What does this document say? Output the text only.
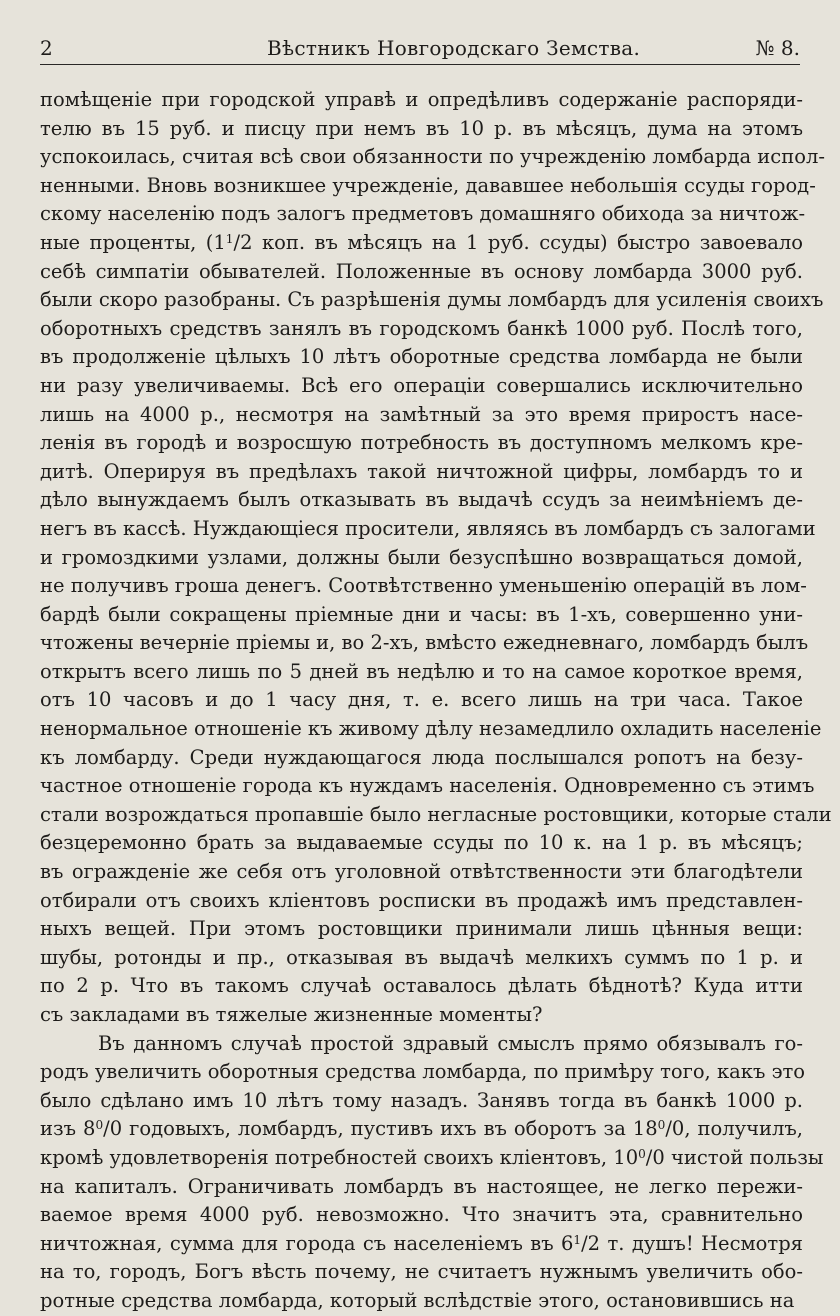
2	Вѣстникъ Новгородскаго Земства.	№ 8.
помѣщеніе при городской управѣ и опредѣливъ содержаніе распоряди-
телю въ 15 руб. и писцу при немъ въ 10 р. въ мѣсяцъ, дума на этомъ
успокоилась, считая всѣ свои обязанности по учрежденію ломбарда испол-
ненными. Вновь возникшее учрежденіе, дававшее небольшія ссуды город-
скому населенію подъ залогъ предметовъ домашняго обихода за ничтож-
ные проценты, ($1^1/2$ коп. въ мѣсяцъ на 1 руб. ссуды) быстро завоевало
себѣ симпатіи обывателей. Положенные въ основу ломбарда 3000 руб.
были скоро разобраны. Съ разрѣшенія думы ломбардъ для усиленія своихъ
оборотныхъ средствъ занялъ въ городскомъ банкѣ 1000 руб. Послѣ того,
въ продолженіе цѣлыхъ 10 лѣтъ оборотные средства ломбарда не были
ни разу увеличиваемы. Всѣ его операціи совершались исключительно
лишь на 4000 р., несмотря на замѣтный за это время приростъ насе-
ленія въ городѣ и возросшую потребность въ доступномъ мелкомъ кре-
дитѣ. Оперируя въ предѣлахъ такой ничтожной цифры, ломбардъ то и
дѣло вынуждаемъ былъ отказывать въ выдачѣ ссудъ за неимѣніемъ де-
негъ въ кассѣ. Нуждающіеся просители, являясь въ ломбардъ съ залогами
и громоздкими узлами, должны были безуспѣшно возвращаться домой,
не получивъ гроша денегъ. Соотвѣтственно уменьшенію операцій въ лом-
бардѣ были сокращены пріемные дни и часы: въ 1-хъ, совершенно уни-
чтожены вечерніе пріемы и, во 2-хъ, вмѣсто ежедневнаго, ломбардъ былъ
открытъ всего лишь по 5 дней въ недѣлю и то на самое короткое время,
отъ 10 часовъ и до 1 часу дня, т. е. всего лишь на три часа. Такое
ненормальное отношеніе къ живому дѣлу незамедлило охладить населеніе
къ ломбарду. Среди нуждающагося люда послышался ропотъ на безу-
частное отношеніе города къ нуждамъ населенія. Одновременно съ этимъ
стали возрождаться пропавшіе было негласные ростовщики, которые стали
безцеремонно брать за выдаваемые ссуды по 10 к. на 1 р. въ мѣсяцъ;
въ огражденіе же себя отъ уголовной отвѣтственности эти благодѣтели
отбирали отъ своихъ кліентовъ росписки въ продажѣ имъ представлен-
ныхъ вещей. При этомъ ростовщики принимали лишь цѣнныя вещи:
шубы, ротонды и пр., отказывая въ выдачѣ мелкихъ суммъ по 1 р. и
по 2 р. Что въ такомъ случаѣ оставалось дѣлать бѣднотѣ? Куда итти
съ закладами въ тяжелые жизненные моменты?
Въ данномъ случаѣ простой здравый смыслъ прямо обязывалъ го-
родъ увеличить оборотныя средства ломбарда, по примѣру того, какъ это
было сдѣлано имъ 10 лѣтъ тому назадъ. Занявъ тогда въ банкѣ 1000 р.
изъ $8^0/0$ годовыхъ, ломбардъ, пустивъ ихъ въ оборотъ за $18^0/0$, получилъ,
кромѣ удовлетворенія потребностей своихъ кліентовъ, $10^0/0$ чистой пользы
на капиталъ. Ограничивать ломбардъ въ настоящее, не легко пережи-
ваемое время 4000 руб. невозможно. Что значитъ эта, сравнительно
ничтожная, сумма для города съ населеніемъ въ $6^1/2$ т. душъ! Несмотря
на то, городъ, Богъ вѣсть почему, не считаетъ нужнымъ увеличить обо-
ротные средства ломбарда, который вслѣдствіе этого, остановившись на
